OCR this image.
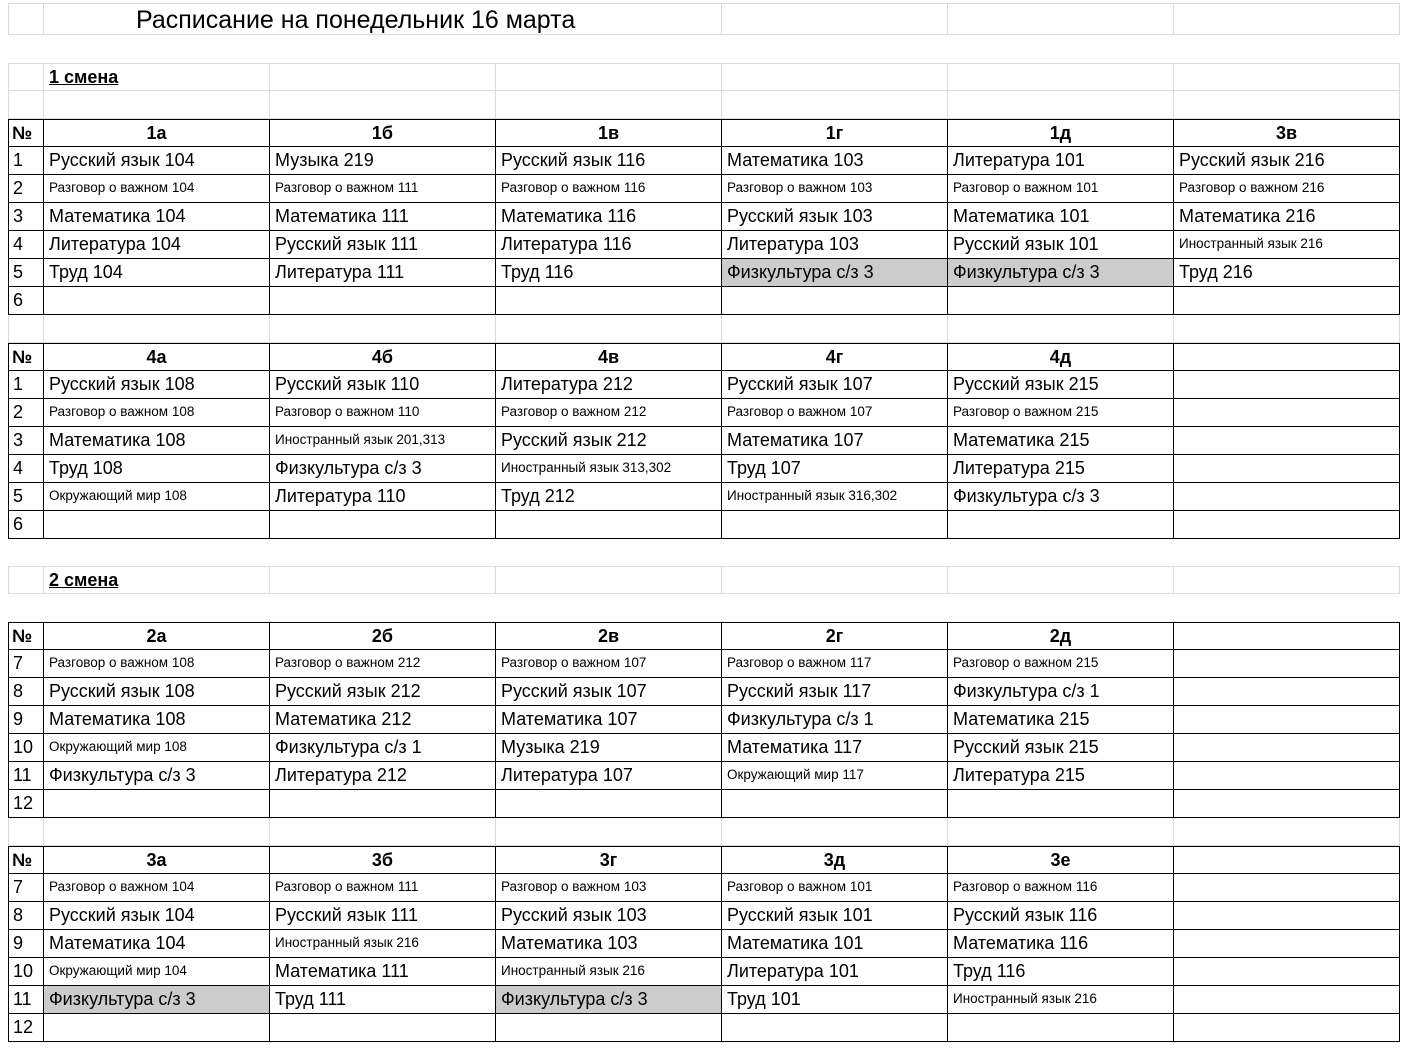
Расписание на понедельник 16 марта
1 смена
№	1а	1б	1в	1г	1д	3в
1	Русский язык 104	Музыка 219	Русский язык 116	Математика 103	Литература 101	Русский язык 216
2	Разговор о важном 104	Разговор о важном 111	Разговор о важном 116	Разговор о важном 103	Разговор о важном 101	Разговор о важном 216
3	Математика 104	Математика 111	Математика 116	Русский язык 103	Математика 101	Математика 216
4	Литература 104	Русский язык 111	Литература 116	Литература 103	Русский язык 101	Иностранный язык 216
5	Труд 104	Литература 111	Труд 116	Физкультура с/з 3	Физкультура с/з 3	Труд 216
6
№	4а	4б	4в	4г	4д
1	Русский язык 108	Русский язык 110	Литература 212	Русский язык 107	Русский язык 215
2	Разговор о важном 108	Разговор о важном 110	Разговор о важном 212	Разговор о важном 107	Разговор о важном 215
3	Математика 108	Иностранный язык 201,313	Русский язык 212	Математика 107	Математика 215
4	Труд 108	Физкультура с/з 3	Иностранный язык 313,302	Труд 107	Литература 215
5	Окружающий мир 108	Литература 110	Труд 212	Иностранный язык 316,302	Физкультура с/з 3
6
2 смена
№	2а	2б	2в	2г	2д
7	Разговор о важном 108	Разговор о важном 212	Разговор о важном 107	Разговор о важном 117	Разговор о важном 215
8	Русский язык 108	Русский язык 212	Русский язык 107	Русский язык 117	Физкультура с/з 1
9	Математика 108	Математика 212	Математика 107	Физкультура с/з 1	Математика 215
10	Окружающий мир 108	Физкультура с/з 1	Музыка 219	Математика 117	Русский язык 215
11 Физкультура с/з 3	Литература 212	Литература 107	Окружающий мир 117	Литература 215
12
№	3а	3б	3г	3д	3е
7	Разговор о важном 104	Разговор о важном 111	Разговор о важном 103	Разговор о важном 101	Разговор о важном 116
8	Русский язык 104	Русский язык 111	Русский язык 103	Русский язык 101	Русский язык 116
9	Математика 104	Иностранный язык 216	Математика 103	Математика 101	Математика 116
10	Окружающий мир 104	Математика 111	Иностранный язык 216	Литература 101	Труд 116
11 Физкультура с/з 3	Труд 111	Физкультура с/з 3	Труд 101	Иностранный язык 216
12
